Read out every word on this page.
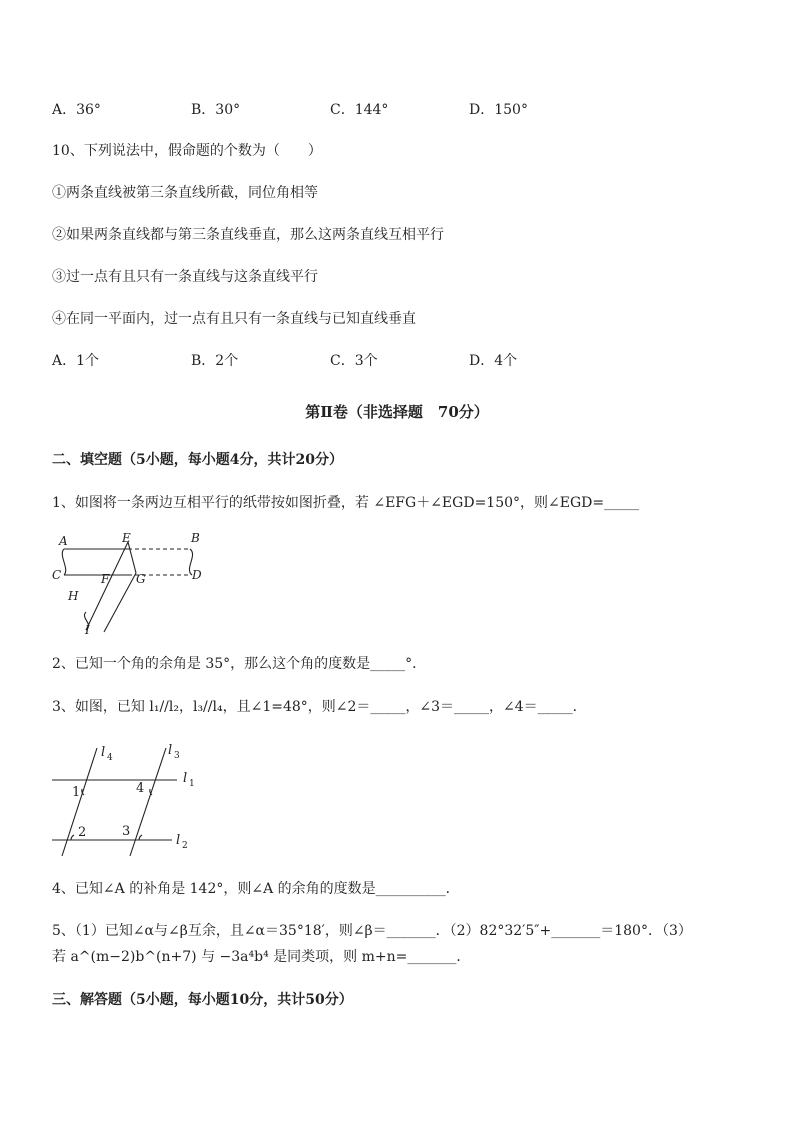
A．36°	B．30°	C．144°	D．150°
10、下列说法中，假命题的个数为（　　）
①两条直线被第三条直线所截，同位角相等
②如果两条直线都与第三条直线垂直，那么这两条直线互相平行
③过一点有且只有一条直线与这条直线平行
④在同一平面内，过一点有且只有一条直线与已知直线垂直
A．1个	B．2个	C．3个	D．4个
第Ⅱ卷（非选择题　70分）
二、填空题（5小题，每小题4分，共计20分）
1、如图将一条两边互相平行的纸带按如图折叠，若 ∠EFG＋∠EGD=150°，则∠EGD=_____
A	E	B
C	F G	D
H
I
2、已知一个角的余角是 35°，那么这个角的度数是_____°．
3、如图，已知 l₁//l₂，l₃//l₄，且∠1=48°，则∠2＝_____，∠3＝_____，∠4＝_____．
l 4	l 3
l 1
l 2
1	4
2	3
4、已知∠A 的补角是 142°，则∠A 的余角的度数是__________．
5、（1）已知∠α与∠β互余，且∠α＝35°18′，则∠β＝_______．（2）82°32′5″+_______＝180°．（3）
若 a^(m−2)b^(n+7) 与 −3a⁴b⁴ 是同类项，则 m+n=_______．
三、解答题（5小题，每小题10分，共计50分）
